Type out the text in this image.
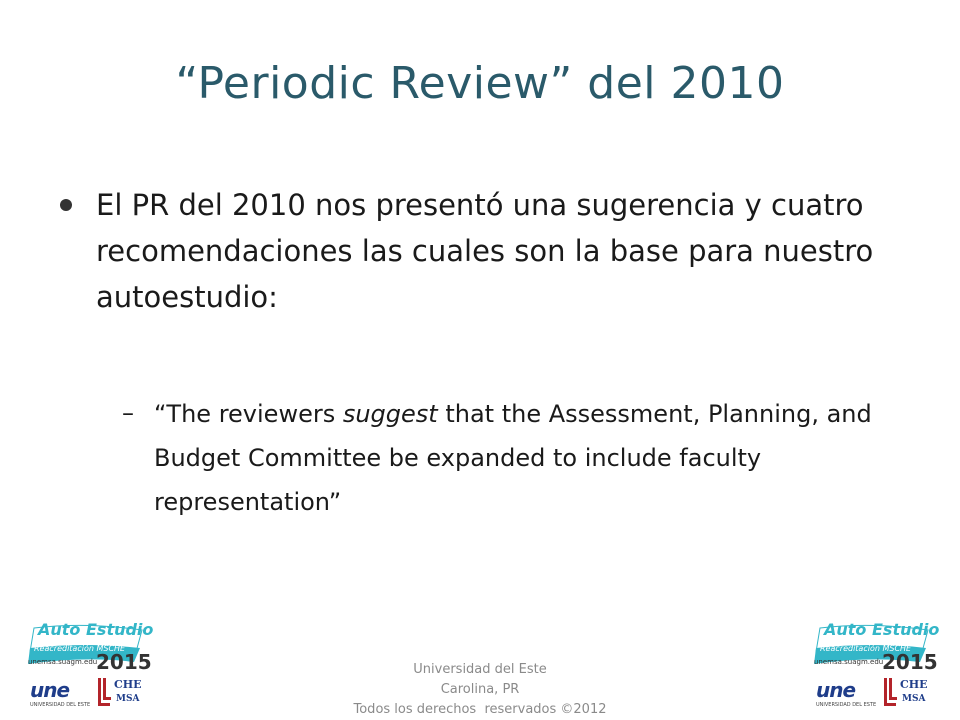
“Periodic Review” del 2010
El PR del 2010 nos presentó una sugerencia y cuatro recomendaciones las cuales son la base para nuestro autoestudio:
– “The reviewers suggest that the Assessment, Planning, and Budget Committee be expanded to include faculty representation”
Auto Estudio
Reacreditación MSCHE
unemsa.suagm.edu
2015
une
UNIVERSIDAD DEL ESTE
CHE
MSA
Auto Estudio
Reacreditación MSCHE
unemsa.suagm.edu
2015
une
UNIVERSIDAD DEL ESTE
CHE
MSA
Universidad del Este
Carolina, PR
Todos los derechos  reservados ©2012
